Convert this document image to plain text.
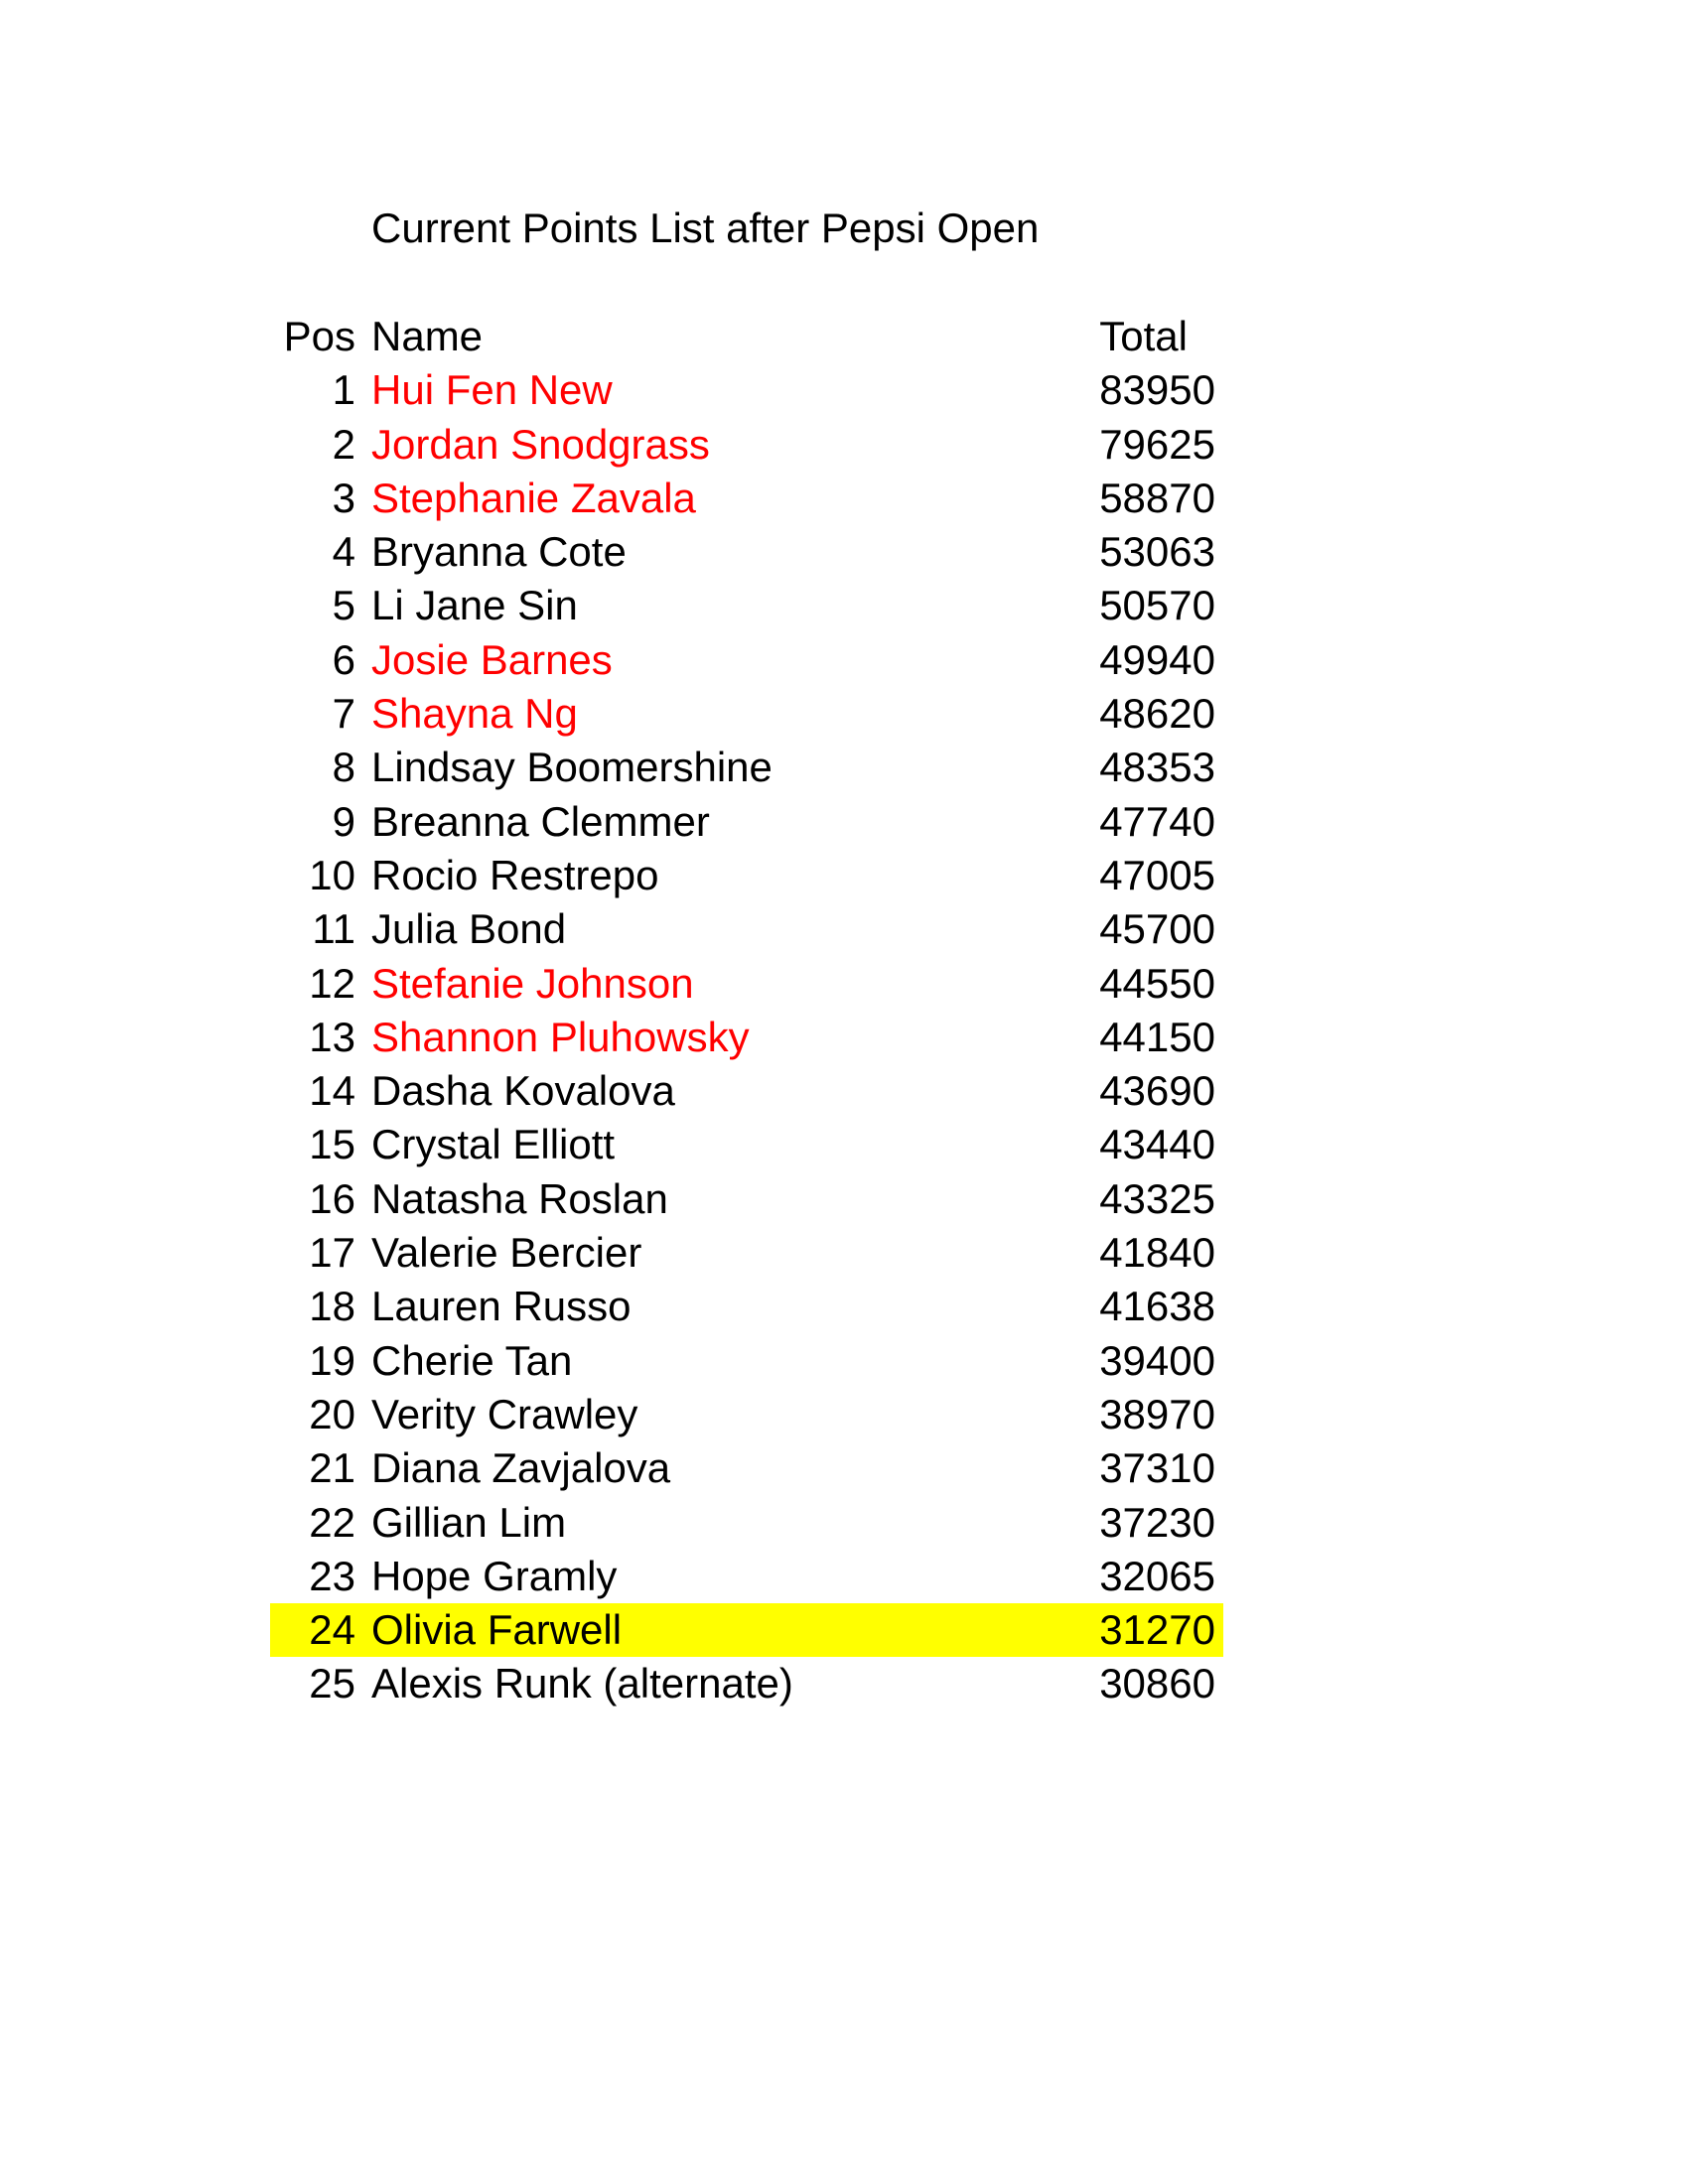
Current Points List after Pepsi Open
Pos Name	Total
1 Hui Fen New	83950
2 Jordan Snodgrass	79625
3 Stephanie Zavala	58870
4 Bryanna Cote	53063
5 Li Jane Sin	50570
6 Josie Barnes	49940
7 Shayna Ng	48620
8 Lindsay Boomershine	48353
9 Breanna Clemmer	47740
10 Rocio Restrepo	47005
11 Julia Bond	45700
12 Stefanie Johnson	44550
13 Shannon Pluhowsky	44150
14 Dasha Kovalova	43690
15 Crystal Elliott	43440
16 Natasha Roslan	43325
17 Valerie Bercier	41840
18 Lauren Russo	41638
19 Cherie Tan	39400
20 Verity Crawley	38970
21 Diana Zavjalova	37310
22 Gillian Lim	37230
23 Hope Gramly	32065
24 Olivia Farwell	31270
25 Alexis Runk (alternate)	30860
